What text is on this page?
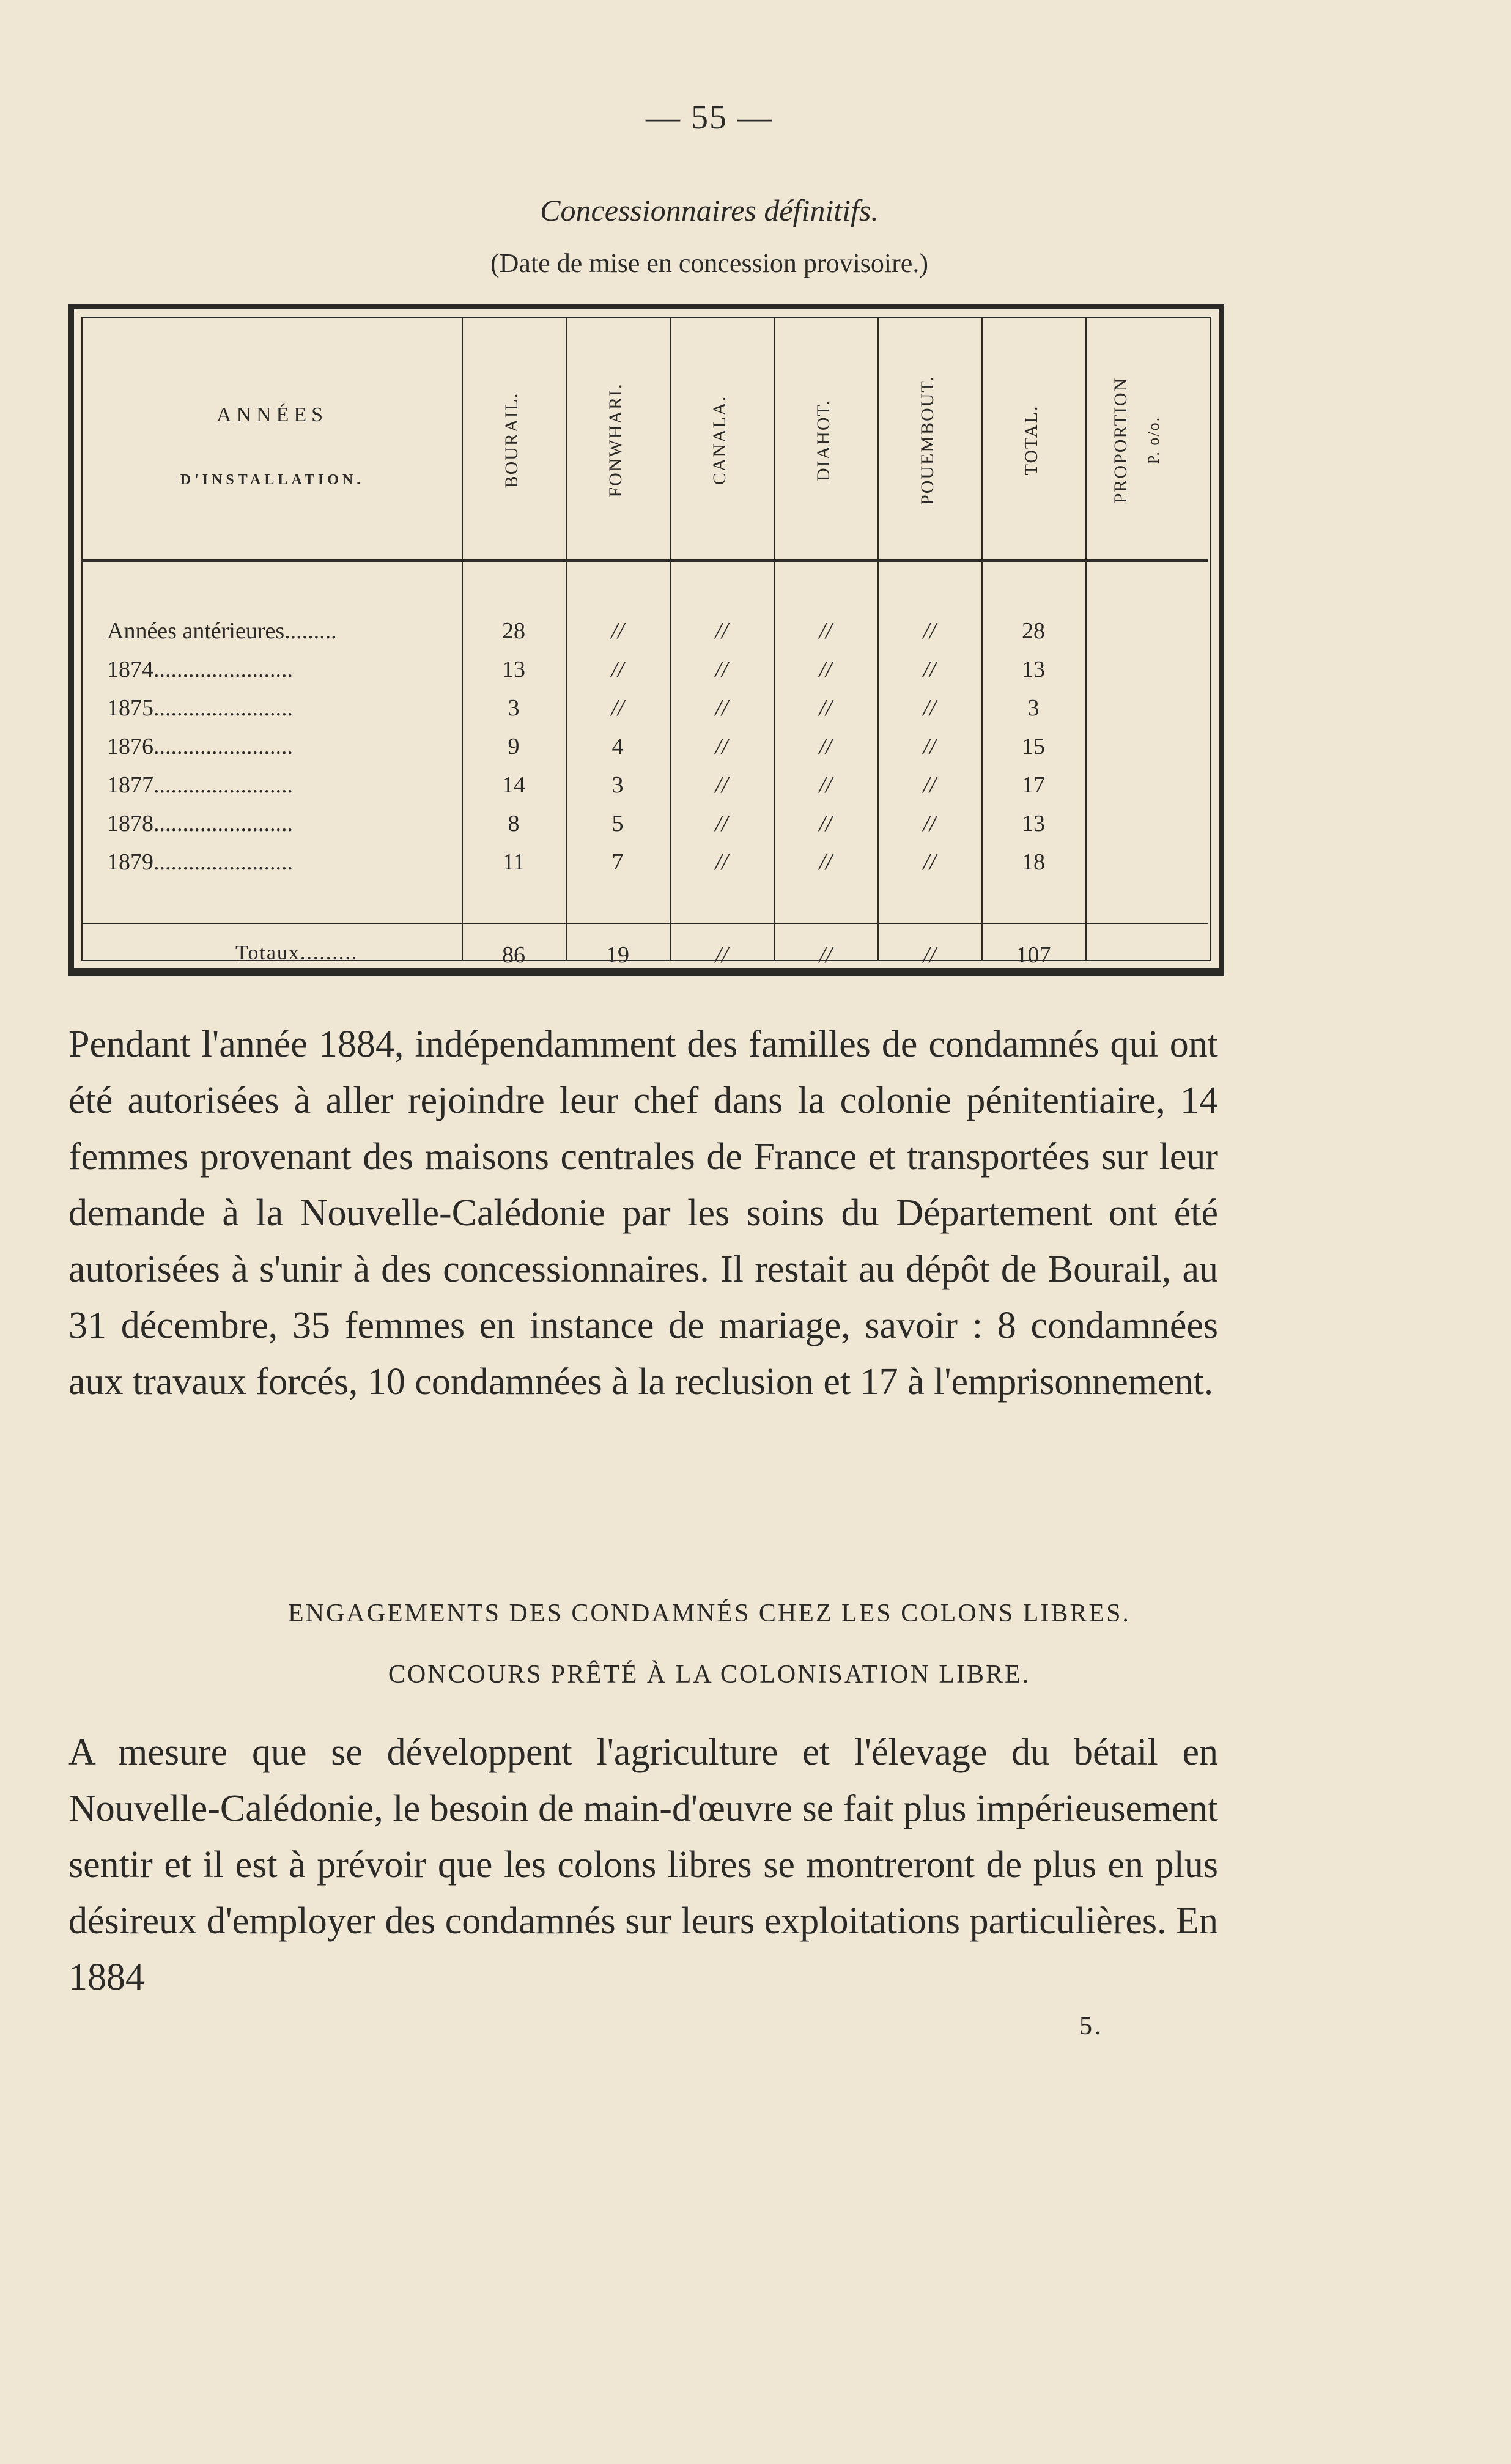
— 55 —
Concessionnaires définitifs.
(Date de mise en concession provisoire.)
ANNÉES
D'INSTALLATION.	BOURAIL.	FONWHARI.	CANALA.	DIAHOT.	POUEMBOUT.	TOTAL.	PROPORTION P. o/o.
Années antérieures.........	28	//	//	//	//	28
1874........................	13	//	//	//	//	13
1875........................	3	//	//	//	//	3
1876........................	9	4	//	//	//	15
1877........................	14	3	//	//	//	17
1878........................	8	5	//	//	//	13
1879........................	11	7	//	//	//	18
Totaux.........	86	19	//	//	//	107
Pendant l'année 1884, indépendamment des familles de condamnés qui ont été autorisées à aller rejoindre leur chef dans la colonie pénitentiaire, 14 femmes provenant des maisons centrales de France et transportées sur leur demande à la Nouvelle-Calédonie par les soins du Département ont été autorisées à s'unir à des concessionnaires. Il restait au dépôt de Bourail, au 31 décembre, 35 femmes en instance de mariage, savoir : 8 condamnées aux travaux forcés, 10 condamnées à la reclusion et 17 à l'emprisonnement.
ENGAGEMENTS DES CONDAMNÉS CHEZ LES COLONS LIBRES.
CONCOURS PRÊTÉ À LA COLONISATION LIBRE.
A mesure que se développent l'agriculture et l'élevage du bétail en Nouvelle-Calédonie, le besoin de main-d'œuvre se fait plus impérieusement sentir et il est à prévoir que les colons libres se montreront de plus en plus désireux d'employer des condamnés sur leurs exploitations particulières. En 1884
5.
